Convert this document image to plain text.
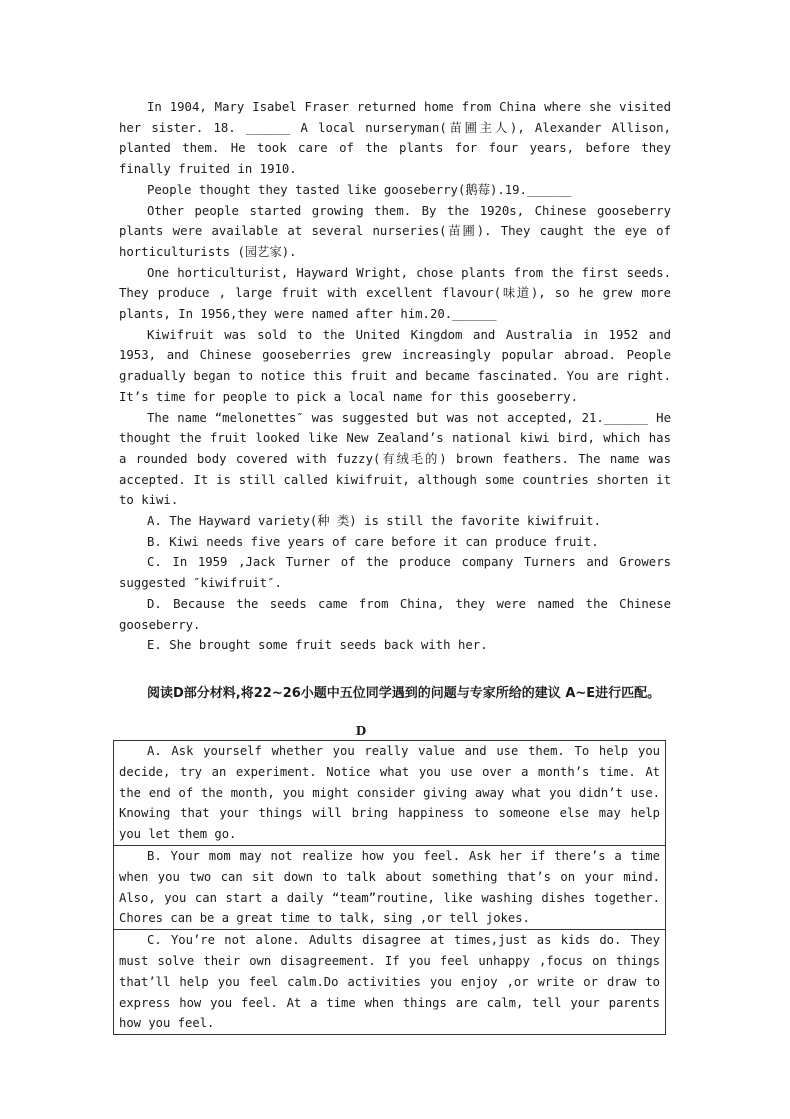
In 1904, Mary Isabel Fraser returned home from China where she visited her sister. 18. ______ A local nurseryman(苗圃主人), Alexander Allison, planted them. He took care of the plants for four years, before they finally fruited in 1910.

People thought they tasted like gooseberry(鹅莓).19.______

Other people started growing them. By the 1920s, Chinese gooseberry plants were available at several nurseries(苗圃). They caught the eye of horticulturists (园艺家).

One horticulturist, Hayward Wright, chose plants from the first seeds. They produce , large fruit with excellent flavour(味道), so he grew more plants, In 1956,they were named after him.20.______

Kiwifruit was sold to the United Kingdom and Australia in 1952 and 1953, and Chinese gooseberries grew increasingly popular abroad. People gradually began to notice this fruit and became fascinated. You are right. It’s time for people to pick a local name for this gooseberry.

The name “melonettes″ was suggested but was not accepted, 21.______ He thought the fruit looked like New Zealand’s national kiwi bird, which has a rounded body covered with fuzzy(有绒毛的) brown feathers. The name was accepted. It is still called kiwifruit, although some countries shorten it to kiwi.

A. The Hayward variety(种 类) is still the favorite kiwifruit.

B. Kiwi needs five years of care before it can produce fruit.

C. In 1959 ,Jack Turner of the produce company Turners and Growers suggested ″kiwifruit″.

D. Because the seeds came from China, they were named the Chinese gooseberry.

E. She brought some fruit seeds back with her.

阅读D部分材料,将22~26小题中五位同学遇到的问题与专家所给的建议 A~E进行匹配。

D
A. Ask yourself whether you really value and use them. To help you decide, try an experiment. Notice what you use over a month’s time. At the end of the month, you might consider giving away what you didn’t use. Knowing that your things will bring happiness to someone else may help you let them go.
B. Your mom may not realize how you feel. Ask her if there’s a time when you two can sit down to talk about something that’s on your mind. Also, you can start a daily “team”routine, like washing dishes together. Chores can be a great time to talk, sing ,or tell jokes.
C. You’re not alone. Adults disagree at times,just as kids do. They must solve their own disagreement. If you feel unhappy ,focus on things that’ll help you feel calm.Do activities you enjoy ,or write or draw to express how you feel. At a time when things are calm, tell your parents how you feel.
